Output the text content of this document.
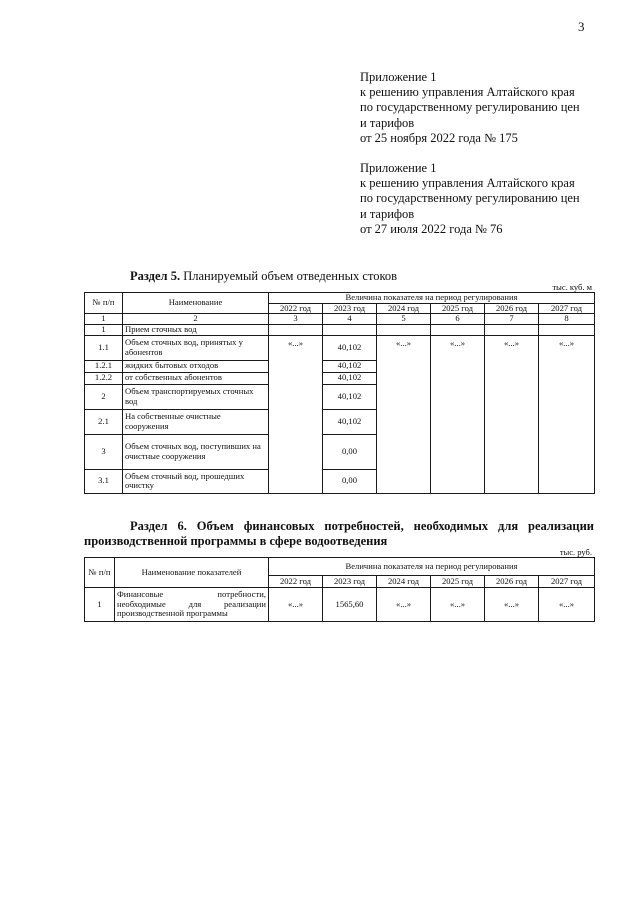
3
Приложение 1
к решению управления Алтайского края
по государственному регулированию цен
и тарифов
от 25 ноября 2022 года № 175
Приложение 1
к решению управления Алтайского края
по государственному регулированию цен
и тарифов
от 27 июля 2022 года № 76
Раздел 5. Планируемый объем отведенных стоков
тыс. куб. м
№ п/п	Наименование	Величина показателя на период регулирования					
		2022 год	2023 год	2024 год	2025 год	2026 год	2027 год
1	2	3	4	5	6	7	8
1	Прием сточных вод						
1.1	Объем сточных вод, принятых у абонентов	«...»	40,102	«...»	«...»	«...»	«...»
1.2.1	жидких бытовых отходов		40,102				
1.2.2	от собственных абонентов		40,102				
2	Объем транспортируемых сточных вод		40,102				
2.1	На собственные очистные сооружения		40,102				
3	Объем сточных вод, поступивших на очистные сооружения		0,00				
3.1	Объем сточный вод, прошедших очистку		0,00				
Раздел 6. Объем финансовых потребностей, необходимых для реализации
производственной программы в сфере водоотведения
тыс. руб.
№ п/п	Наименование показателей	Величина показателя на период регулирования					
		2022 год	2023 год	2024 год	2025 год	2026 год	2027 год
1	Финансовые потребности,
необходимые для реализации
производственной программы	«...»	1565,60	«...»	«...»	«...»	«...»
